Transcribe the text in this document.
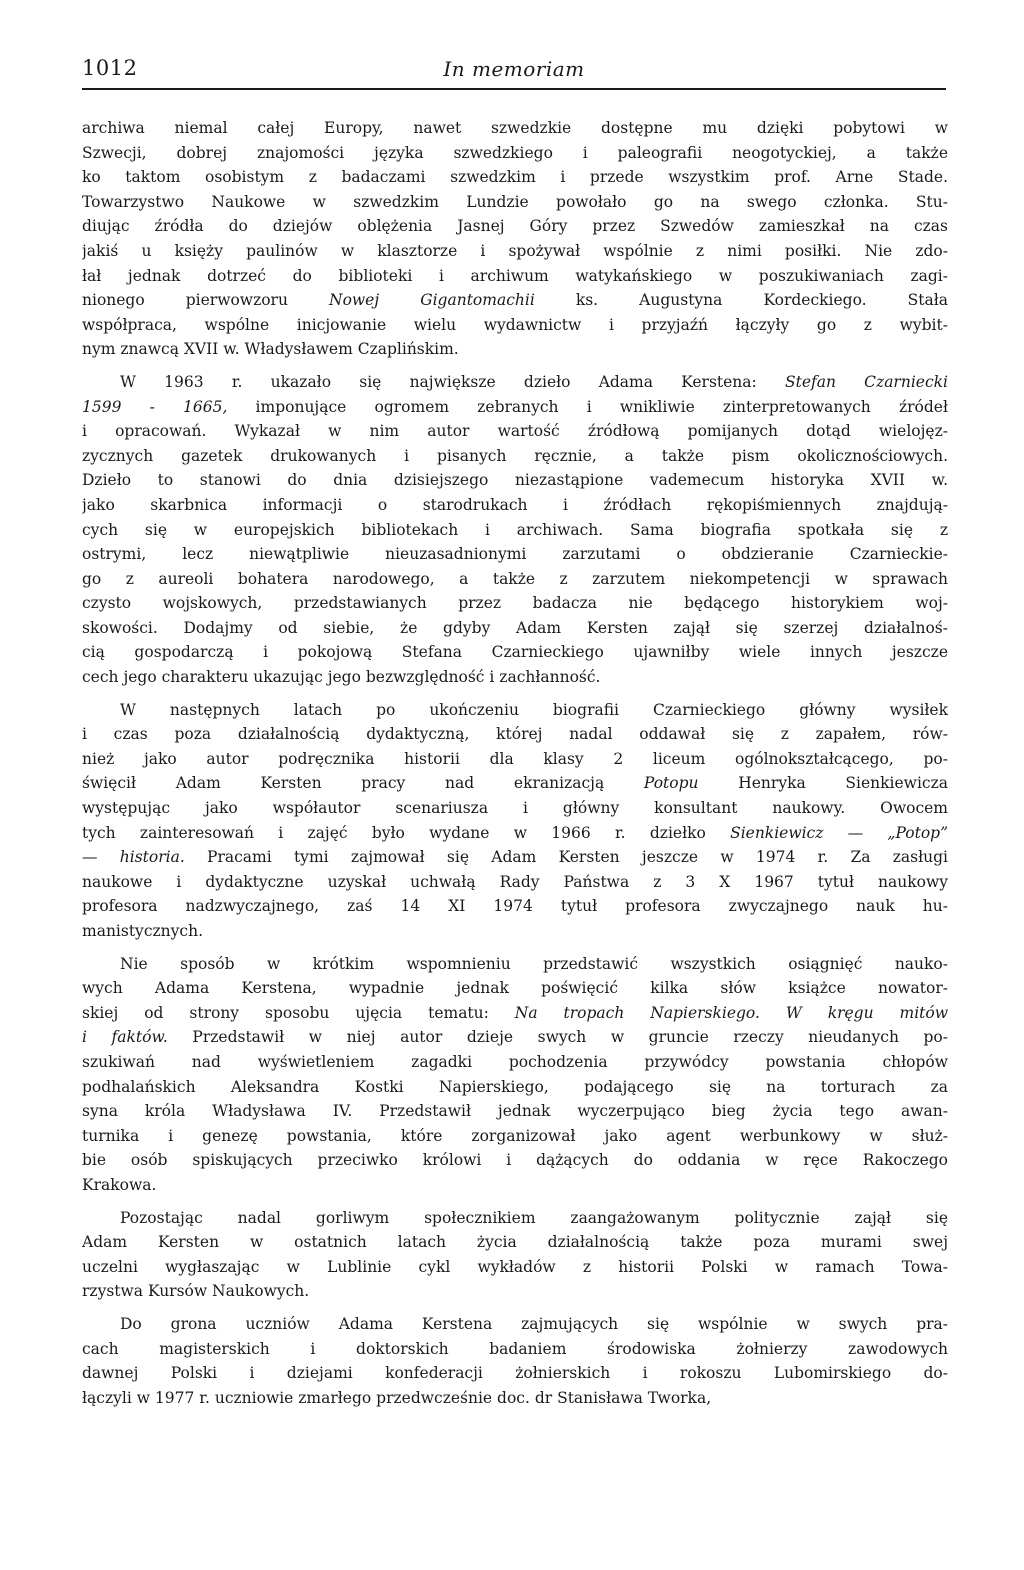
1012	In memoriam
archiwa niemal całej Europy, nawet szwedzkie dostępne mu dzięki pobytowi w
Szwecji, dobrej znajomości języka szwedzkiego i paleografii neogotyckiej, a także
ko taktom osobistym z badaczami szwedzkim i przede wszystkim prof. Arne Stade.
Towarzystwo Naukowe w szwedzkim Lundzie powołało go na swego członka. Stu-
diując źródła do dziejów oblężenia Jasnej Góry przez Szwedów zamieszkał na czas
jakiś u księży paulinów w klasztorze i spożywał wspólnie z nimi posiłki. Nie zdo-
łał jednak dotrzeć do biblioteki i archiwum watykańskiego w poszukiwaniach zagi-
nionego pierwowzoru Nowej Gigantomachii ks. Augustyna Kordeckiego. Stała
współpraca, wspólne inicjowanie wielu wydawnictw i przyjaźń łączyły go z wybit-
nym znawcą XVII w. Władysławem Czaplińskim.
W 1963 r. ukazało się największe dzieło Adama Kerstena: Stefan Czarniecki
1599 - 1665, imponujące ogromem zebranych i wnikliwie zinterpretowanych źródeł
i opracowań. Wykazał w nim autor wartość źródłową pomijanych dotąd wielojęz-
zycznych gazetek drukowanych i pisanych ręcznie, a także pism okolicznościowych.
Dzieło to stanowi do dnia dzisiejszego niezastąpione vademecum historyka XVII w.
jako skarbnica informacji o starodrukach i źródłach rękopiśmiennych znajdują-
cych się w europejskich bibliotekach i archiwach. Sama biografia spotkała się z
ostrymi, lecz niewątpliwie nieuzasadnionymi zarzutami o obdzieranie Czarnieckie-
go z aureoli bohatera narodowego, a także z zarzutem niekompetencji w sprawach
czysto wojskowych, przedstawianych przez badacza nie będącego historykiem woj-
skowości. Dodajmy od siebie, że gdyby Adam Kersten zajął się szerzej działalnoś-
cią gospodarczą i pokojową Stefana Czarnieckiego ujawniłby wiele innych jeszcze
cech jego charakteru ukazując jego bezwzględność i zachłanność.
W następnych latach po ukończeniu biografii Czarnieckiego główny wysiłek
i czas poza działalnością dydaktyczną, której nadal oddawał się z zapałem, rów-
nież jako autor podręcznika historii dla klasy 2 liceum ogólnokształcącego, po-
święcił Adam Kersten pracy nad ekranizacją Potopu Henryka Sienkiewicza
występując jako współautor scenariusza i główny konsultant naukowy. Owocem
tych zainteresowań i zajęć było wydane w 1966 r. dziełko Sienkiewicz — „Potop”
— historia. Pracami tymi zajmował się Adam Kersten jeszcze w 1974 r. Za zasługi
naukowe i dydaktyczne uzyskał uchwałą Rady Państwa z 3 X 1967 tytuł naukowy
profesora nadzwyczajnego, zaś 14 XI 1974 tytuł profesora zwyczajnego nauk hu-
manistycznych.
Nie sposób w krótkim wspomnieniu przedstawić wszystkich osiągnięć nauko-
wych Adama Kerstena, wypadnie jednak poświęcić kilka słów książce nowator-
skiej od strony sposobu ujęcia tematu: Na tropach Napierskiego. W kręgu mitów
i faktów. Przedstawił w niej autor dzieje swych w gruncie rzeczy nieudanych po-
szukiwań nad wyświetleniem zagadki pochodzenia przywódcy powstania chłopów
podhalańskich Aleksandra Kostki Napierskiego, podającego się na torturach za
syna króla Władysława IV. Przedstawił jednak wyczerpująco bieg życia tego awan-
turnika i genezę powstania, które zorganizował jako agent werbunkowy w służ-
bie osób spiskujących przeciwko królowi i dążących do oddania w ręce Rakoczego
Krakowa.
Pozostając nadal gorliwym społecznikiem zaangażowanym politycznie zajął się
Adam Kersten w ostatnich latach życia działalnością także poza murami swej
uczelni wygłaszając w Lublinie cykl wykładów z historii Polski w ramach Towa-
rzystwa Kursów Naukowych.
Do grona uczniów Adama Kerstena zajmujących się wspólnie w swych pra-
cach magisterskich i doktorskich badaniem środowiska żołnierzy zawodowych
dawnej Polski i dziejami konfederacji żołnierskich i rokoszu Lubomirskiego do-
łączyli w 1977 r. uczniowie zmarłego przedwcześnie doc. dr Stanisława Tworka,
